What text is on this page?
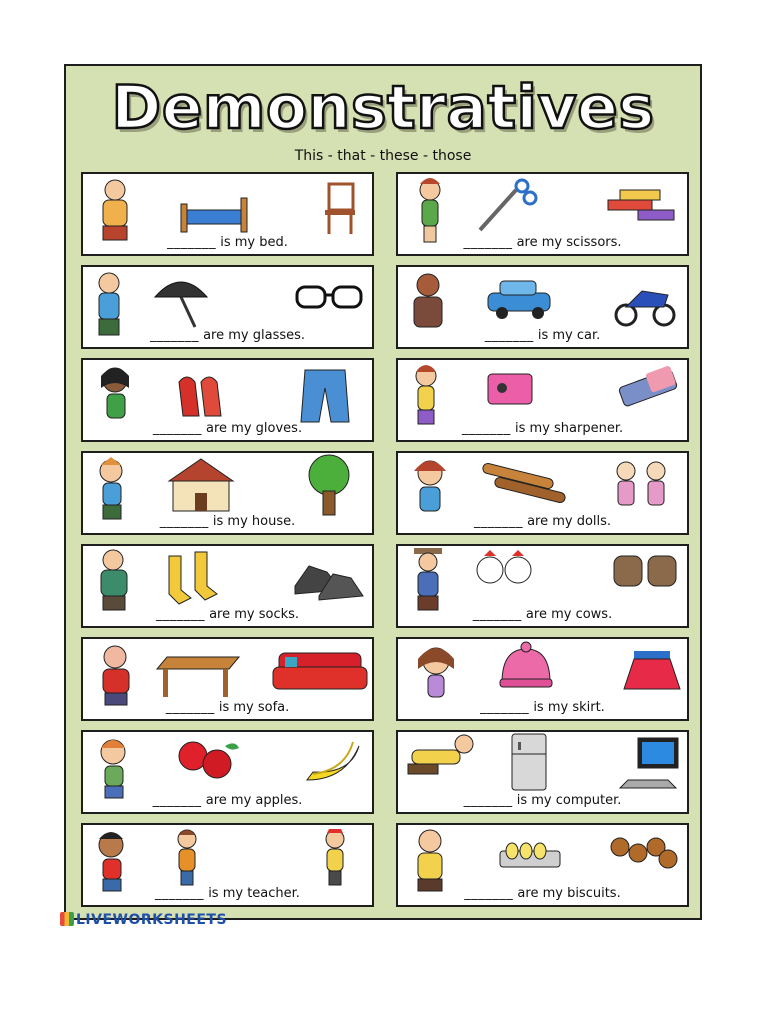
Demonstratives
This - that - these - those
_______ is my bed.	_______ are my scissors.
_______ are my glasses.	_______ is my car.
_______ are my gloves.	_______ is my sharpener.
_______ is my house.	_______ are my dolls.
_______ are my socks.	_______ are my cows.
_______ is my sofa.	_______ is my skirt.
_______ are my apples.	_______ is my computer.
_______ is my teacher.	_______ are my biscuits.
LIVEWORKSHEETS
